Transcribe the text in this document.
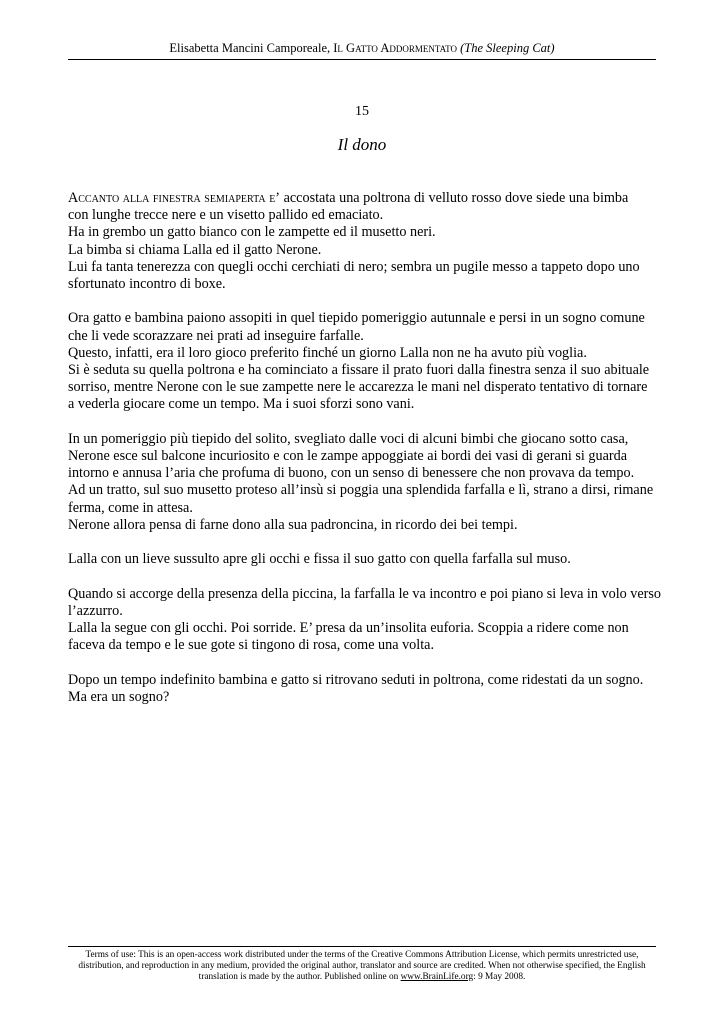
Elisabetta Mancini Camporeale, Il Gatto Addormentato (The Sleeping Cat)
15
Il dono

Accanto alla finestra semiaperta e’ accostata una poltrona di velluto rosso dove siede una bimba
con lunghe trecce nere e un visetto pallido ed emaciato.
Ha in grembo un gatto bianco con le zampette ed il musetto neri.
La bimba si chiama Lalla ed il gatto Nerone.
Lui fa tanta tenerezza con quegli occhi cerchiati di nero; sembra un pugile messo a tappeto dopo uno
sfortunato incontro di boxe.

Ora gatto e bambina paiono assopiti in quel tiepido pomeriggio autunnale e persi in un sogno comune
che li vede scorazzare nei prati ad inseguire farfalle.
Questo, infatti, era il loro gioco preferito finché un giorno Lalla non ne ha avuto più voglia.
Si è seduta su quella poltrona e ha cominciato a fissare il prato fuori dalla finestra senza il suo abituale
sorriso, mentre Nerone con le sue zampette nere le accarezza le mani nel disperato tentativo di tornare
a vederla giocare come un tempo. Ma i suoi sforzi sono vani.

In un pomeriggio più tiepido del solito, svegliato dalle voci di alcuni bimbi che giocano sotto casa,
Nerone esce sul balcone incuriosito e con le zampe appoggiate ai bordi dei vasi di gerani si guarda
intorno e annusa l’aria che profuma di buono, con un senso di benessere che non provava da tempo.
Ad un tratto, sul suo musetto proteso all’insù si poggia una splendida farfalla e lì, strano a dirsi, rimane
ferma, come in attesa.
Nerone allora pensa di farne dono alla sua padroncina, in ricordo dei bei tempi.

Lalla con un lieve sussulto apre gli occhi e fissa il suo gatto con quella farfalla sul muso.

Quando si accorge della presenza della piccina, la farfalla le va incontro e poi piano si leva in volo verso
l’azzurro.
Lalla la segue con gli occhi. Poi sorride. E’ presa da un’insolita euforia. Scoppia a ridere come non
faceva da tempo e le sue gote si tingono di rosa, come una volta.

Dopo un tempo indefinito bambina e gatto si ritrovano seduti in poltrona, come ridestati da un sogno.
Ma era un sogno?

Terms of use: This is an open-access work distributed under the terms of the Creative Commons Attribution License, which permits unrestricted use,
distribution, and reproduction in any medium, provided the original author, translator and source are credited. When not otherwise specified, the English
translation is made by the author. Published online on www.BrainLife.org: 9 May 2008.
